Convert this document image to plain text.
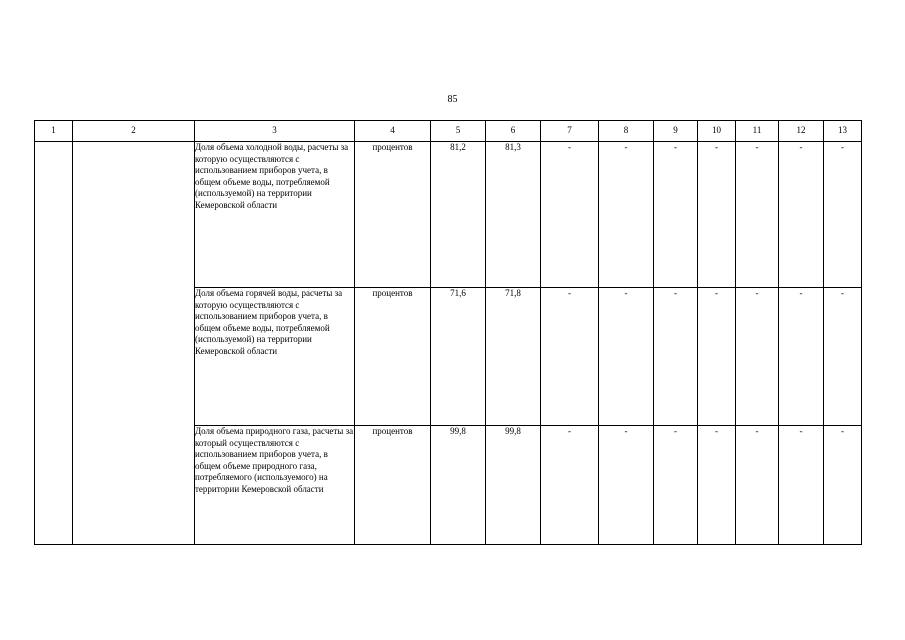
85
1	2	3	4	5	6	7	8	9	10	11	12	13
		Доля объема холодной воды, расчеты за которую осуществляются с использованием приборов учета, в общем объеме воды, потребляемой (используемой) на территории Кемеровской области	процентов	81,2	81,3	-	-	-	-	-	-	-
		Доля объема горячей воды, расчеты за которую осуществляются с использованием приборов учета, в общем объеме воды, потребляемой (используемой) на территории Кемеровской области	процентов	71,6	71,8	-	-	-	-	-	-	-
		Доля объема природного газа, расчеты за который осуществляются с использованием приборов учета, в общем объеме природного газа, потребляемого (используемого) на территории Кемеровской области	процентов	99,8	99,8	-	-	-	-	-	-	-
